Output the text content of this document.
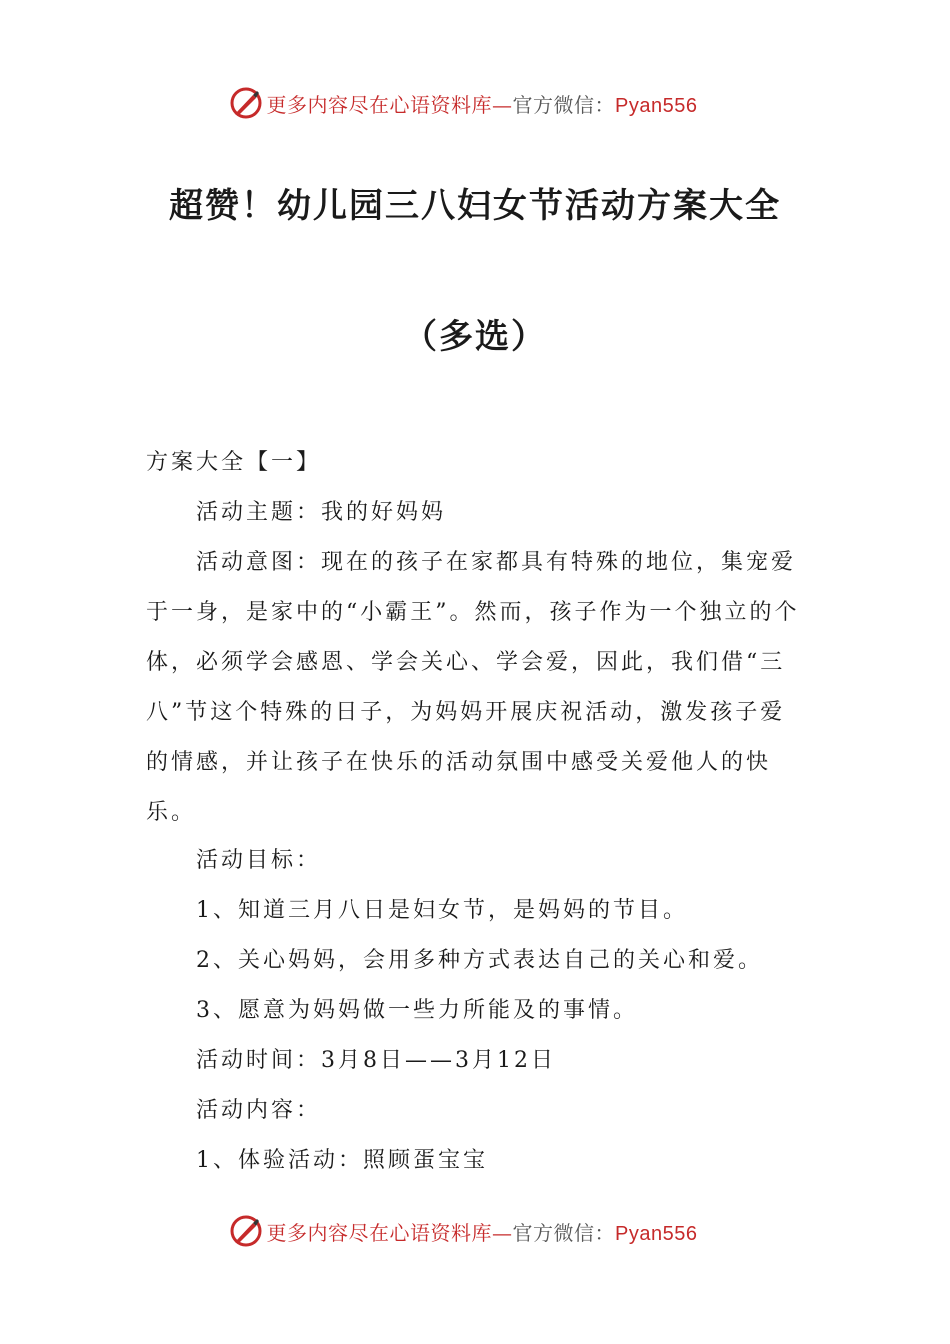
更多内容尽在心语资料库—官方微信：Pyan556
超赞！幼儿园三八妇女节活动方案大全
（多选）

方案大全【一】

活动主题：我的好妈妈

活动意图：现在的孩子在家都具有特殊的地位，集宠爱于一身，是家中的“小霸王”。然而，孩子作为一个独立的个体，必须学会感恩、学会关心、学会爱，因此，我们借“三八”节这个特殊的日子，为妈妈开展庆祝活动，激发孩子爱的情感，并让孩子在快乐的活动氛围中感受关爱他人的快乐。

活动目标：

1、知道三月八日是妇女节，是妈妈的节目。

2、关心妈妈，会用多种方式表达自己的关心和爱。

3、愿意为妈妈做一些力所能及的事情。

活动时间：3月8日——3月12日

活动内容：

1、体验活动：照顾蛋宝宝

更多内容尽在心语资料库—官方微信：Pyan556
